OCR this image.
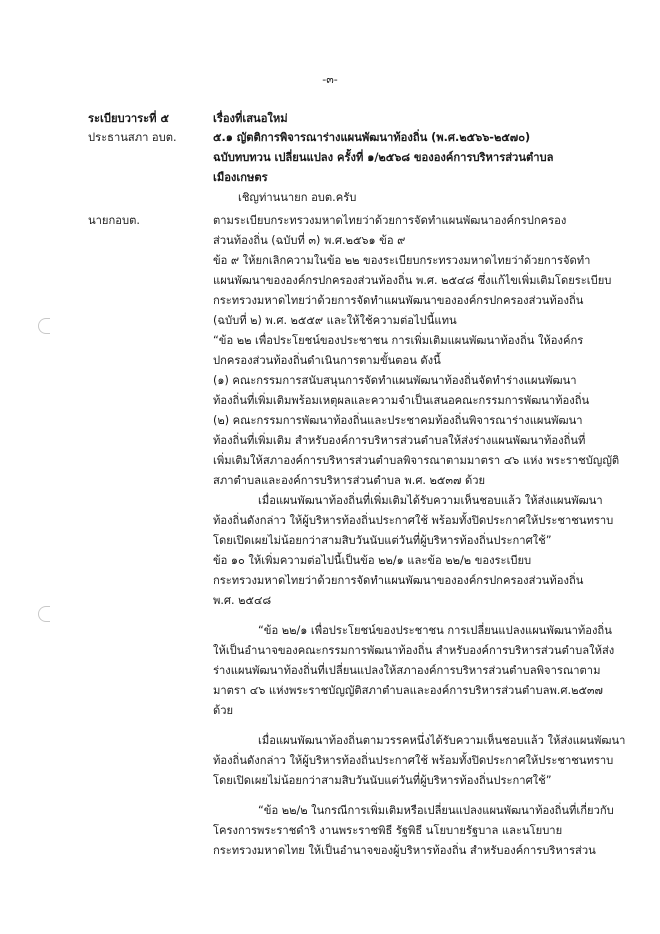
-๓-
ระเบียบวาระที่ ๕	เรื่องที่เสนอใหม่
ประธานสภา อบต.	๕.๑ ญัตติการพิจารณาร่างแผนพัฒนาท้องถิ่น (พ.ศ.๒๕๖๖-๒๕๗๐)
ฉบับทบทวน เปลี่ยนแปลง ครั้งที่ ๑/๒๕๖๘ ขององค์การบริหารส่วนตำบล
เมืองเกษตร
เชิญท่านนายก อบต.ครับ
นายกอบต.	ตามระเบียบกระทรวงมหาดไทยว่าด้วยการจัดทำแผนพัฒนาองค์กรปกครอง
ส่วนท้องถิ่น (ฉบับที่ ๓) พ.ศ.๒๕๖๑ ข้อ ๙
ข้อ ๙ ให้ยกเลิกความในข้อ ๒๒ ของระเบียบกระทรวงมหาดไทยว่าด้วยการจัดทำ
แผนพัฒนาขององค์กรปกครองส่วนท้องถิ่น พ.ศ. ๒๕๔๘ ซึ่งแก้ไขเพิ่มเติมโดยระเบียบ
กระทรวงมหาดไทยว่าด้วยการจัดทำแผนพัฒนาขององค์กรปกครองส่วนท้องถิ่น
(ฉบับที่ ๒) พ.ศ. ๒๕๕๙ และให้ใช้ความต่อไปนี้แทน
“ข้อ ๒๒ เพื่อประโยชน์ของประชาชน การเพิ่มเติมแผนพัฒนาท้องถิ่น ให้องค์กร
ปกครองส่วนท้องถิ่นดำเนินการตามขั้นตอน ดังนี้
(๑) คณะกรรมการสนับสนุนการจัดทำแผนพัฒนาท้องถิ่นจัดทำร่างแผนพัฒนา
ท้องถิ่นที่เพิ่มเติมพร้อมเหตุผลและความจำเป็นเสนอคณะกรรมการพัฒนาท้องถิ่น
(๒) คณะกรรมการพัฒนาท้องถิ่นและประชาคมท้องถิ่นพิจารณาร่างแผนพัฒนา
ท้องถิ่นที่เพิ่มเติม สำหรับองค์การบริหารส่วนตำบลให้ส่งร่างแผนพัฒนาท้องถิ่นที่
เพิ่มเติมให้สภาองค์การบริหารส่วนตำบลพิจารณาตามมาตรา ๔๖ แห่ง พระราชบัญญัติ
สภาตำบลและองค์การบริหารส่วนตำบล พ.ศ. ๒๕๓๗ ด้วย
เมื่อแผนพัฒนาท้องถิ่นที่เพิ่มเติมได้รับความเห็นชอบแล้ว ให้ส่งแผนพัฒนา
ท้องถิ่นดังกล่าว ให้ผู้บริหารท้องถิ่นประกาศใช้ พร้อมทั้งปิดประกาศให้ประชาชนทราบ
โดยเปิดเผยไม่น้อยกว่าสามสิบวันนับแต่วันที่ผู้บริหารท้องถิ่นประกาศใช้”
ข้อ ๑๐ ให้เพิ่มความต่อไปนี้เป็นข้อ ๒๒/๑ และข้อ ๒๒/๒ ของระเบียบ
กระทรวงมหาดไทยว่าด้วยการจัดทำแผนพัฒนาขององค์กรปกครองส่วนท้องถิ่น
พ.ศ. ๒๕๔๘
“ข้อ ๒๒/๑ เพื่อประโยชน์ของประชาชน การเปลี่ยนแปลงแผนพัฒนาท้องถิ่น
ให้เป็นอำนาจของคณะกรรมการพัฒนาท้องถิ่น สำหรับองค์การบริหารส่วนตำบลให้ส่ง
ร่างแผนพัฒนาท้องถิ่นที่เปลี่ยนแปลงให้สภาองค์การบริหารส่วนตำบลพิจารณาตาม
มาตรา ๔๖ แห่งพระราชบัญญัติสภาตำบลและองค์การบริหารส่วนตำบลพ.ศ.๒๕๓๗
ด้วย
เมื่อแผนพัฒนาท้องถิ่นตามวรรคหนึ่งได้รับความเห็นชอบแล้ว ให้ส่งแผนพัฒนา
ท้องถิ่นดังกล่าว ให้ผู้บริหารท้องถิ่นประกาศใช้ พร้อมทั้งปิดประกาศให้ประชาชนทราบ
โดยเปิดเผยไม่น้อยกว่าสามสิบวันนับแต่วันที่ผู้บริหารท้องถิ่นประกาศใช้”
“ข้อ ๒๒/๒ ในกรณีการเพิ่มเติมหรือเปลี่ยนแปลงแผนพัฒนาท้องถิ่นที่เกี่ยวกับ
โครงการพระราชดำริ งานพระราชพิธี รัฐพิธี นโยบายรัฐบาล และนโยบาย
กระทรวงมหาดไทย ให้เป็นอำนาจของผู้บริหารท้องถิ่น สำหรับองค์การบริหารส่วน
